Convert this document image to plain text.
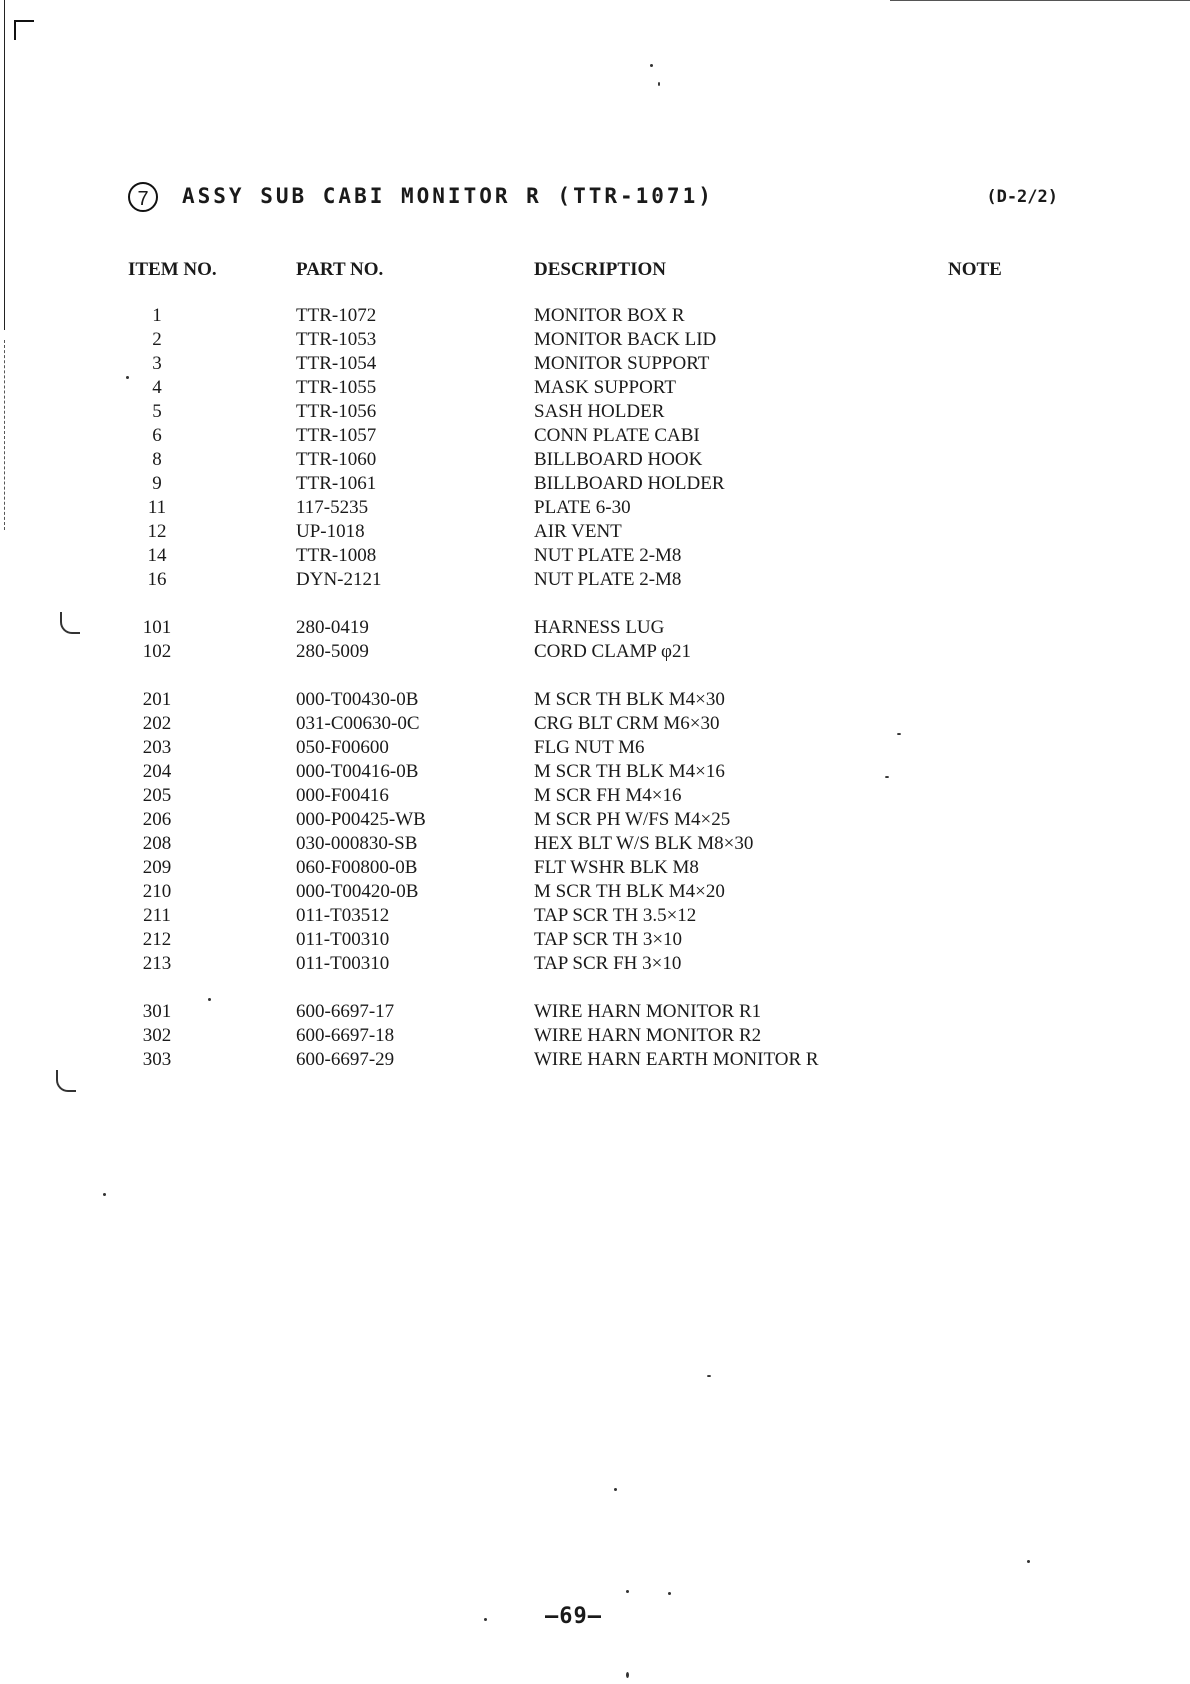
7	ASSY SUB CABI MONITOR R (TTR-1071)	(D-2/2)
ITEM NO.	PART NO.	DESCRIPTION	NOTE
1	TTR-1072	MONITOR BOX R	
2	TTR-1053	MONITOR BACK LID	
3	TTR-1054	MONITOR SUPPORT	
4	TTR-1055	MASK SUPPORT	
5	TTR-1056	SASH HOLDER	
6	TTR-1057	CONN PLATE CABI	
8	TTR-1060	BILLBOARD HOOK	
9	TTR-1061	BILLBOARD HOLDER	
11	117-5235	PLATE 6-30	
12	UP-1018	AIR VENT	
14	TTR-1008	NUT PLATE 2-M8	
16	DYN-2121	NUT PLATE 2-M8	

101	280-0419	HARNESS LUG	
102	280-5009	CORD CLAMP φ21	

201	000-T00430-0B	M SCR TH BLK M4×30	
202	031-C00630-0C	CRG BLT CRM M6×30	
203	050-F00600	FLG NUT M6	
204	000-T00416-0B	M SCR TH BLK M4×16	
205	000-F00416	M SCR FH M4×16	
206	000-P00425-WB	M SCR PH W/FS M4×25	
208	030-000830-SB	HEX BLT W/S BLK M8×30	
209	060-F00800-0B	FLT WSHR BLK M8	
210	000-T00420-0B	M SCR TH BLK M4×20	
211	011-T03512	TAP SCR TH 3.5×12	
212	011-T00310	TAP SCR TH 3×10	
213	011-T00310	TAP SCR FH 3×10	

301	600-6697-17	WIRE HARN MONITOR R1	
302	600-6697-18	WIRE HARN MONITOR R2	
303	600-6697-29	WIRE HARN EARTH MONITOR R	
—69—
